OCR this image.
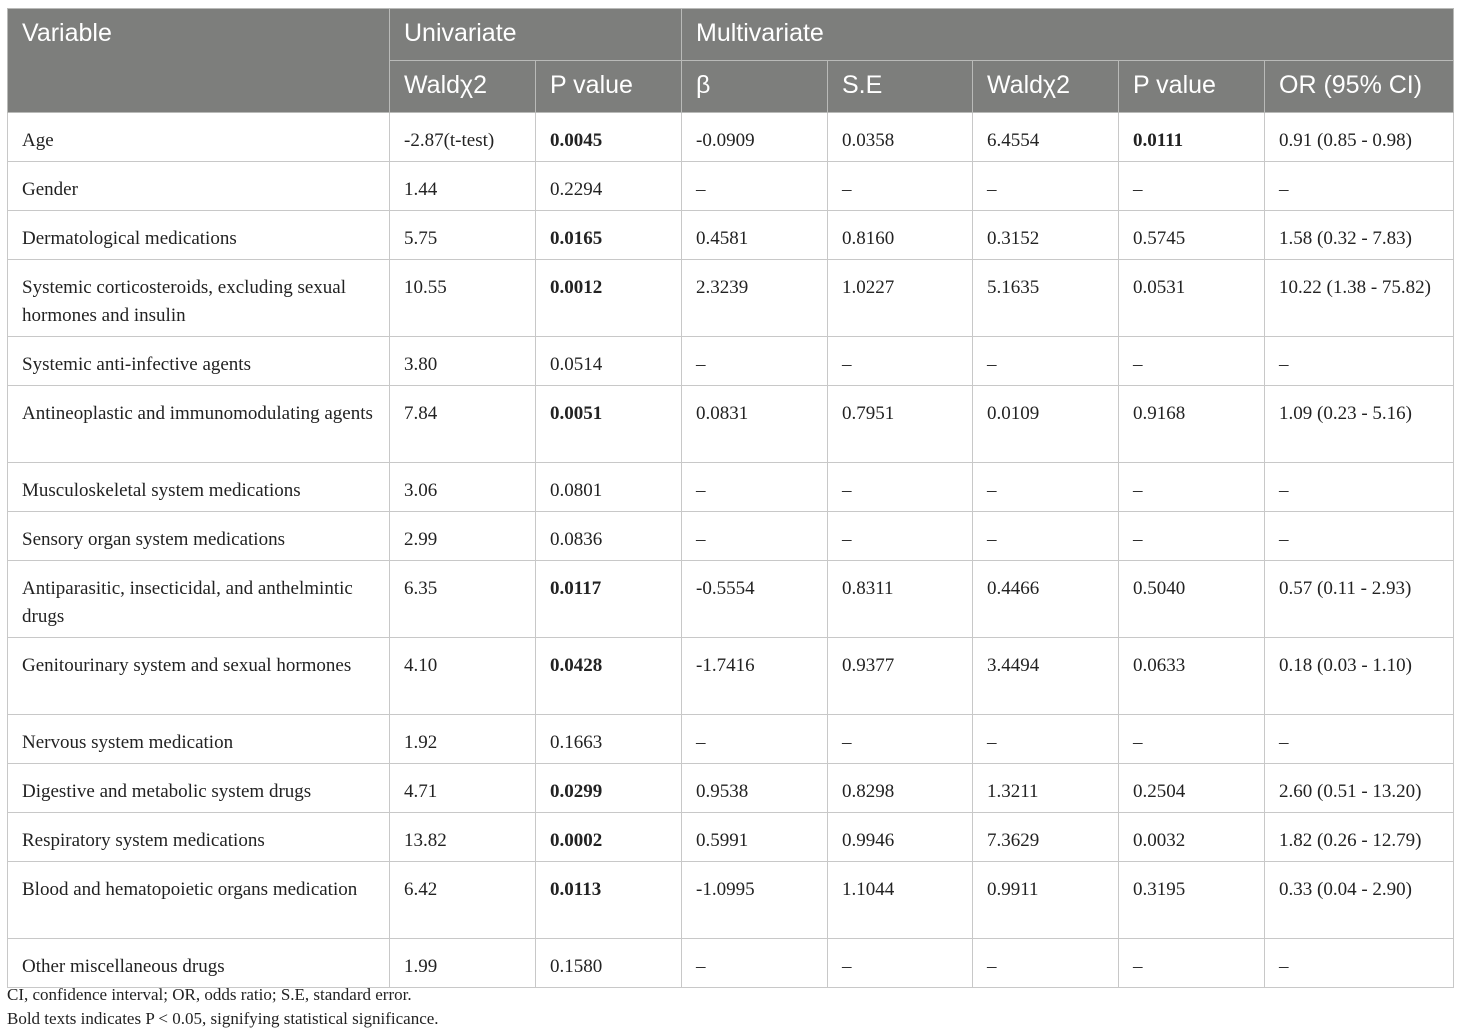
Variable	Univariate		Multivariate				
	Waldχ2	P value	β	S.E	Waldχ2	P value	OR (95% CI)
Age	-2.87(t-test)	0.0045	-0.0909	0.0358	6.4554	0.0111	0.91 (0.85 - 0.98)
Gender	1.44	0.2294	–	–	–	–	–
Dermatological medications	5.75	0.0165	0.4581	0.8160	0.3152	0.5745	1.58 (0.32 - 7.83)
Systemic corticosteroids, excluding sexual hormones and insulin	10.55	0.0012	2.3239	1.0227	5.1635	0.0531	10.22 (1.38 - 75.82)
Systemic anti-infective agents	3.80	0.0514	–	–	–	–	–
Antineoplastic and immunomodulating agents	7.84	0.0051	0.0831	0.7951	0.0109	0.9168	1.09 (0.23 - 5.16)
Musculoskeletal system medications	3.06	0.0801	–	–	–	–	–
Sensory organ system medications	2.99	0.0836	–	–	–	–	–
Antiparasitic, insecticidal, and anthelmintic drugs	6.35	0.0117	-0.5554	0.8311	0.4466	0.5040	0.57 (0.11 - 2.93)
Genitourinary system and sexual hormones	4.10	0.0428	-1.7416	0.9377	3.4494	0.0633	0.18 (0.03 - 1.10)
Nervous system medication	1.92	0.1663	–	–	–	–	–
Digestive and metabolic system drugs	4.71	0.0299	0.9538	0.8298	1.3211	0.2504	2.60 (0.51 - 13.20)
Respiratory system medications	13.82	0.0002	0.5991	0.9946	7.3629	0.0032	1.82 (0.26 - 12.79)
Blood and hematopoietic organs medication	6.42	0.0113	-1.0995	1.1044	0.9911	0.3195	0.33 (0.04 - 2.90)
Other miscellaneous drugs	1.99	0.1580	–	–	–	–	–
CI, confidence interval; OR, odds ratio; S.E, standard error.
Bold texts indicates P < 0.05, signifying statistical significance.
